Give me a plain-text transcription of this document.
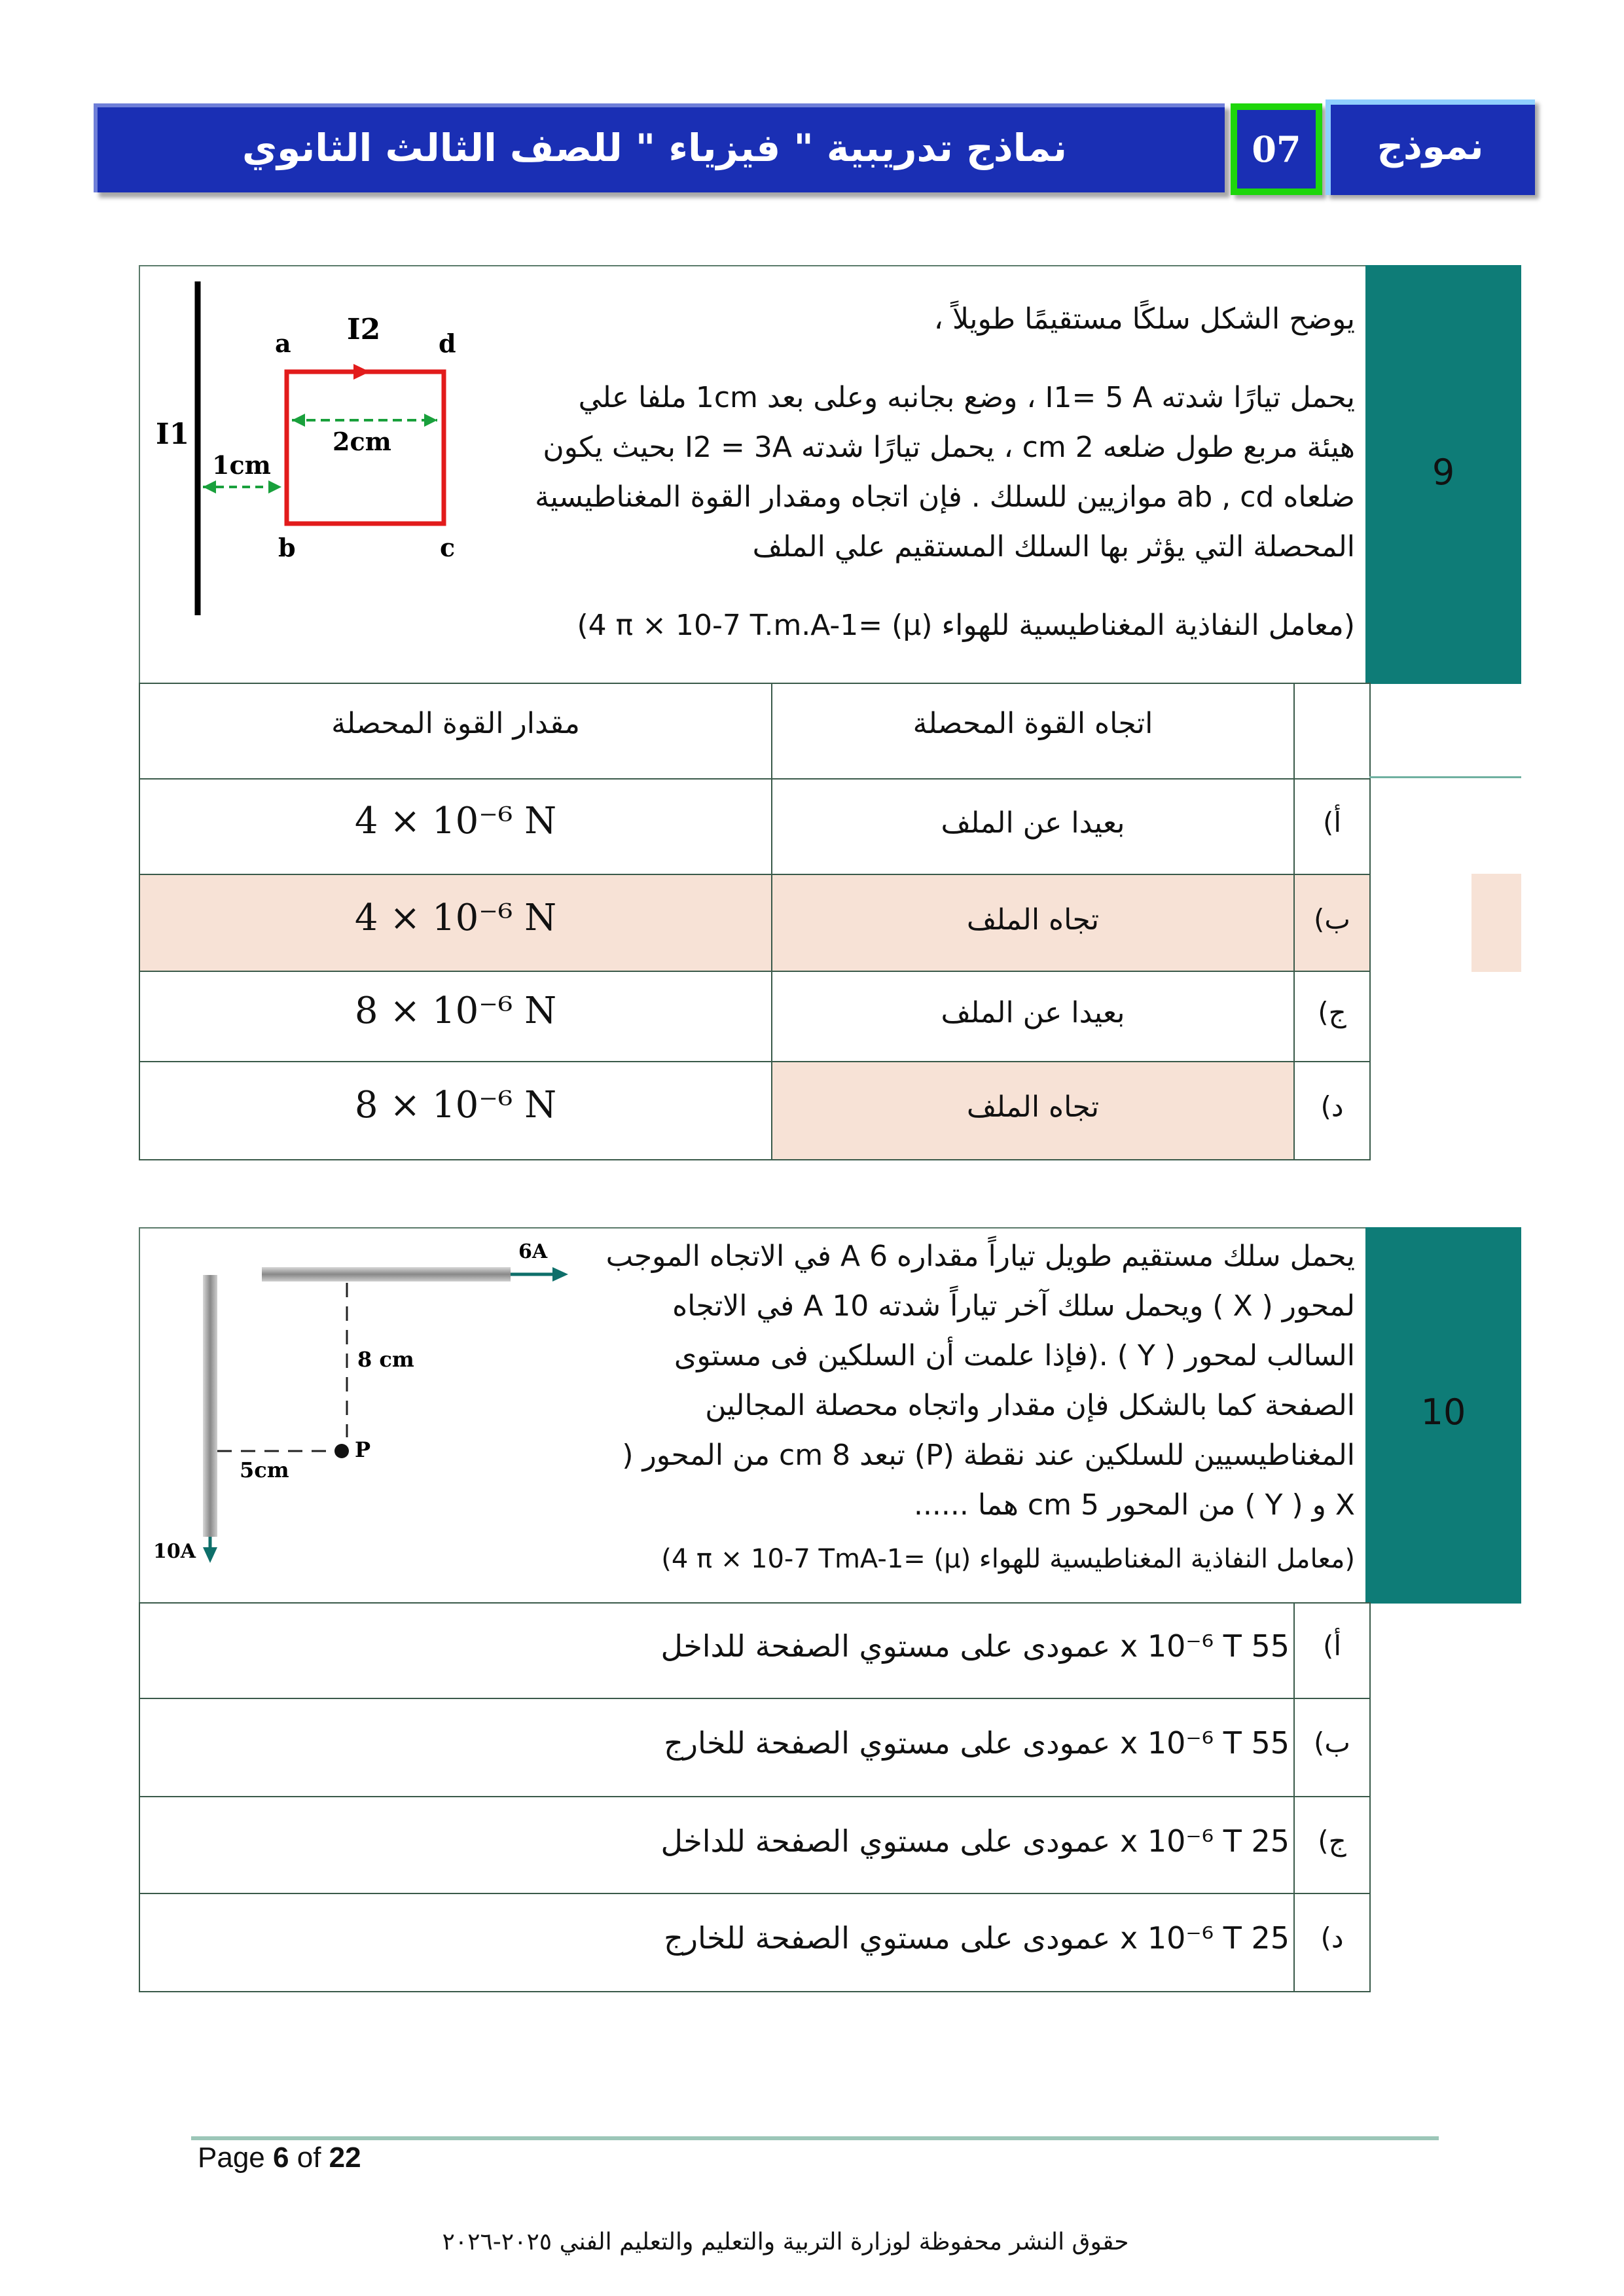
نماذج تدريبية " فيزياء " للصف الثالث الثانوي	07	نموذج
9
يوضح الشكل سلكًا مستقيمًا طويلاً ،
يحمل تيارًا شدته I1= 5 A ، وضع بجانبه وعلى بعد 1cm ملفا علي
هيئة مربع طول ضلعه 2 cm ، يحمل تيارًا شدته I2 = 3A بحيث يكون
ضلعاه ab , cd موازيين للسلك . فإن اتجاه ومقدار القوة المغناطيسية
المحصلة التي يؤثر بها السلك المستقيم علي الملف
(معامل النفاذية المغناطيسية للهواء (μ) =4 π × 10-7 T.m.A-1)
I2
I1
a	d
b	c
2cm
1cm
مقدار القوة المحصلة	اتجاه القوة المحصلة
4 × 10⁻⁶ N	بعيدا عن الملف	أ)
4 × 10⁻⁶ N	تجاه الملف	ب)
8 × 10⁻⁶ N	بعيدا عن الملف	ج)
8 × 10⁻⁶ N	تجاه الملف	د)
10
يحمل سلك مستقيم طويل تياراً مقداره 6 A في الاتجاه الموجب
لمحور ( X ) ويحمل سلك آخر تياراً شدته 10 A في الاتجاه
السالب لمحور ( Y ) .(فإذا علمت أن السلكين فى مستوى
الصفحة كما بالشكل فإن مقدار واتجاه محصلة المجالين
المغناطيسيين للسلكين عند نقطة (P) تبعد 8 cm من المحور (
X و ( Y ) من المحور 5 cm هما ......
(معامل النفاذية المغناطيسية للهواء (μ) =4 π × 10-7 TmA-1)
6A
10A
8 cm
5cm
P
55 x 10⁻⁶ T عمودى على مستوي الصفحة للداخل	أ)
55 x 10⁻⁶ T عمودى على مستوي الصفحة للخارج ب)
25 x 10⁻⁶ T عمودى على مستوي الصفحة للداخل	ج)
25 x 10⁻⁶ T عمودى على مستوي الصفحة للخارج	د)
Page 6 of 22
حقوق النشر محفوظة لوزارة التربية والتعليم والتعليم الفني ٢٠٢٥-٢٠٢٦
